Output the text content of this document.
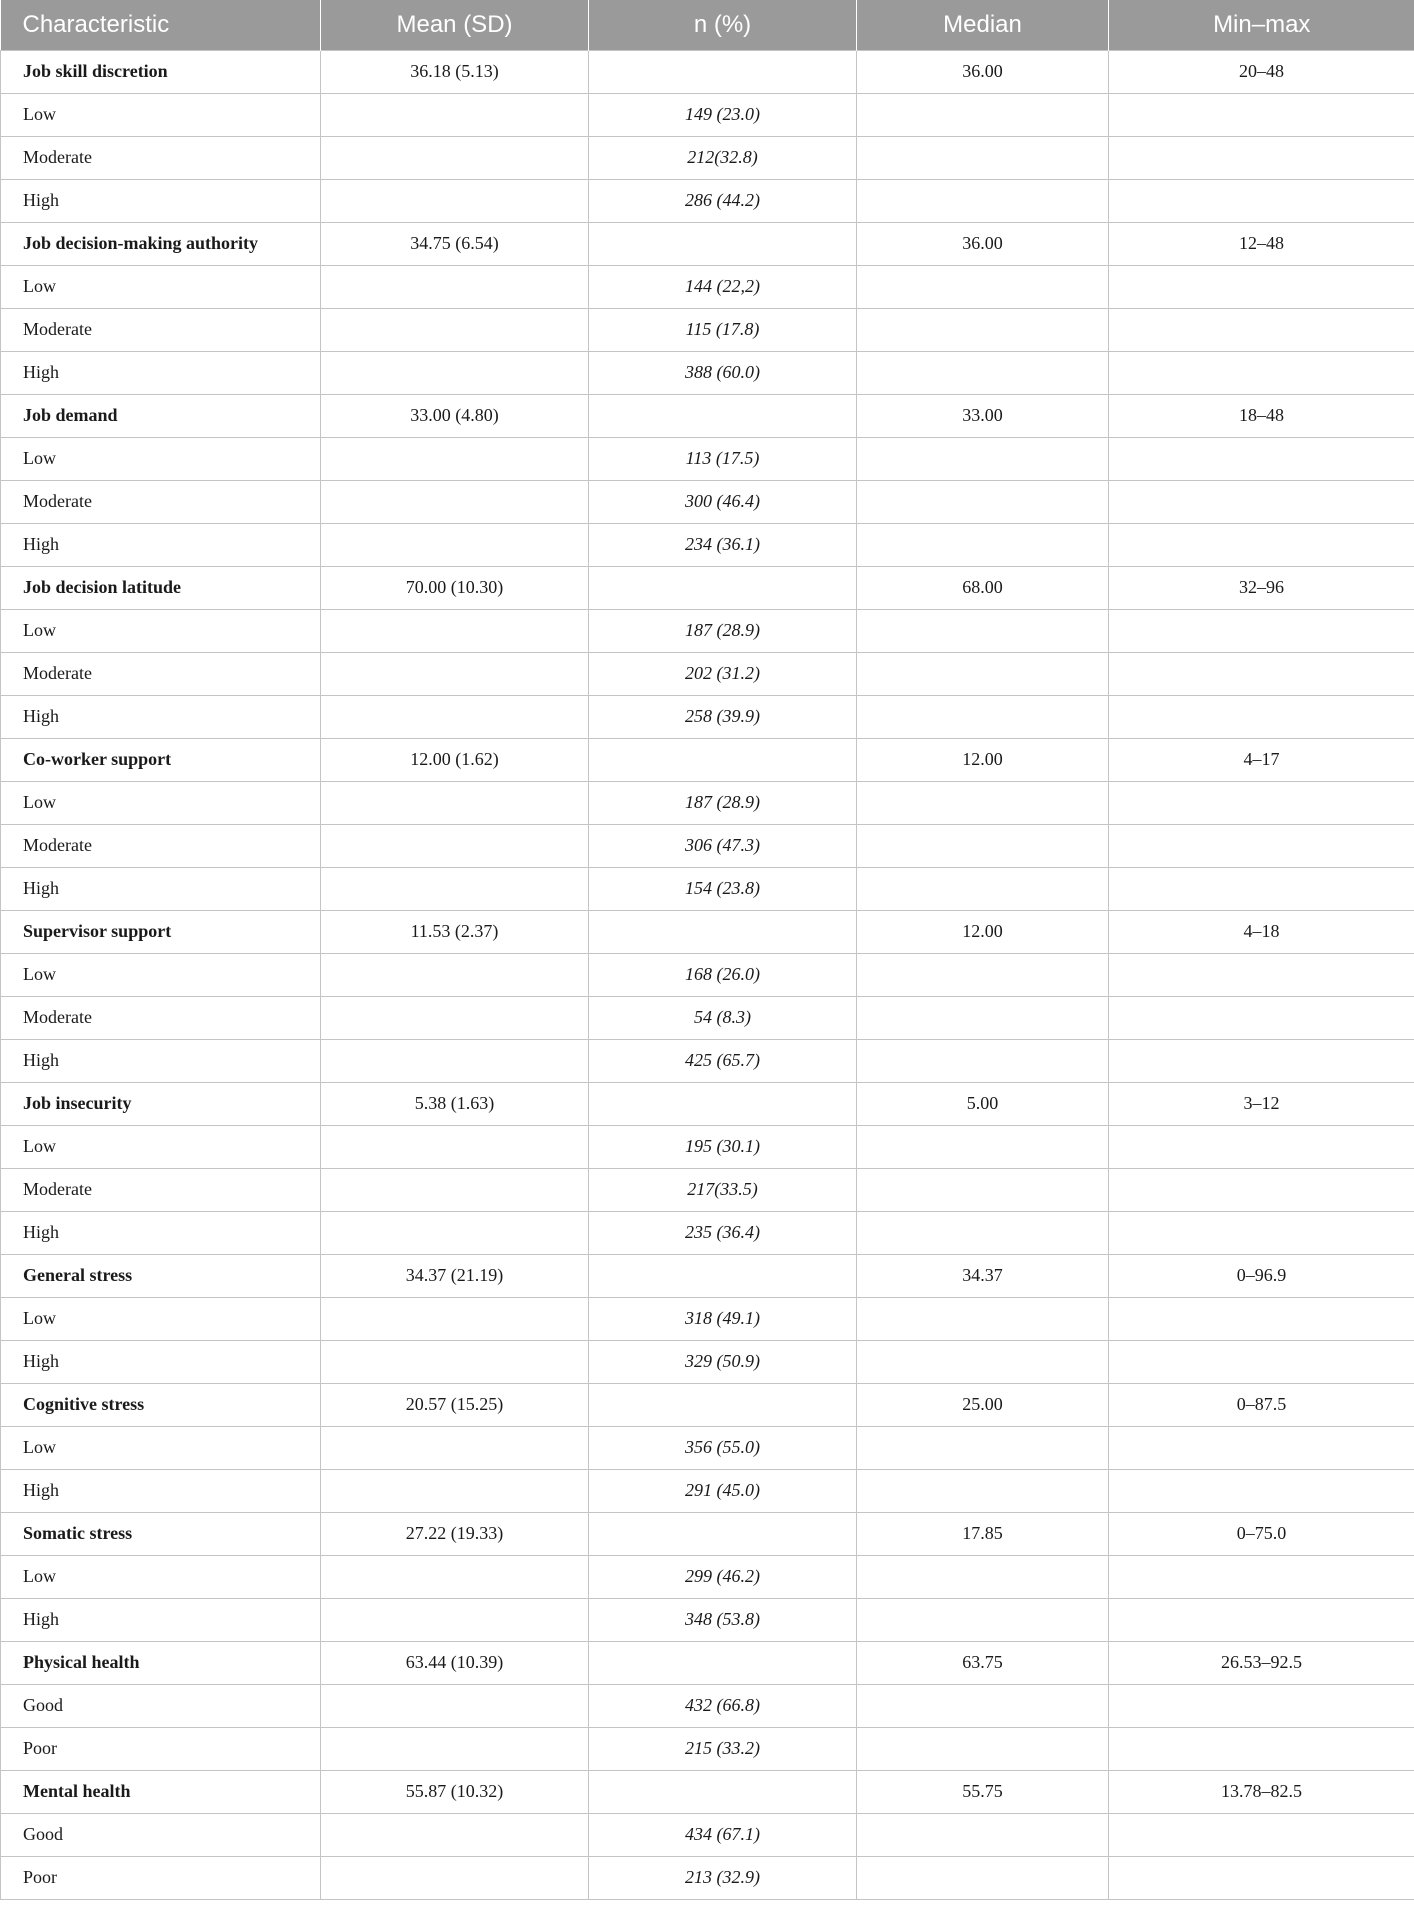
Characteristic	Mean (SD)	n (%)	Median	Min–max
Job skill discretion	36.18 (5.13)		36.00	20–48
Low		149 (23.0)		
Moderate		212(32.8)		
High		286 (44.2)		
Job decision-making authority	34.75 (6.54)		36.00	12–48
Low		144 (22,2)		
Moderate		115 (17.8)		
High		388 (60.0)		
Job demand	33.00 (4.80)		33.00	18–48
Low		113 (17.5)		
Moderate		300 (46.4)		
High		234 (36.1)		
Job decision latitude	70.00 (10.30)		68.00	32–96
Low		187 (28.9)		
Moderate		202 (31.2)		
High		258 (39.9)		
Co-worker support	12.00 (1.62)		12.00	4–17
Low		187 (28.9)		
Moderate		306 (47.3)		
High		154 (23.8)		
Supervisor support	11.53 (2.37)		12.00	4–18
Low		168 (26.0)		
Moderate		54 (8.3)		
High		425 (65.7)		
Job insecurity	5.38 (1.63)		5.00	3–12
Low		195 (30.1)		
Moderate		217(33.5)		
High		235 (36.4)		
General stress	34.37 (21.19)		34.37	0–96.9
Low		318 (49.1)		
High		329 (50.9)		
Cognitive stress	20.57 (15.25)		25.00	0–87.5
Low		356 (55.0)		
High		291 (45.0)		
Somatic stress	27.22 (19.33)		17.85	0–75.0
Low		299 (46.2)		
High		348 (53.8)		
Physical health	63.44 (10.39)		63.75	26.53–92.5
Good		432 (66.8)		
Poor		215 (33.2)		
Mental health	55.87 (10.32)		55.75	13.78–82.5
Good		434 (67.1)		
Poor		213 (32.9)		
